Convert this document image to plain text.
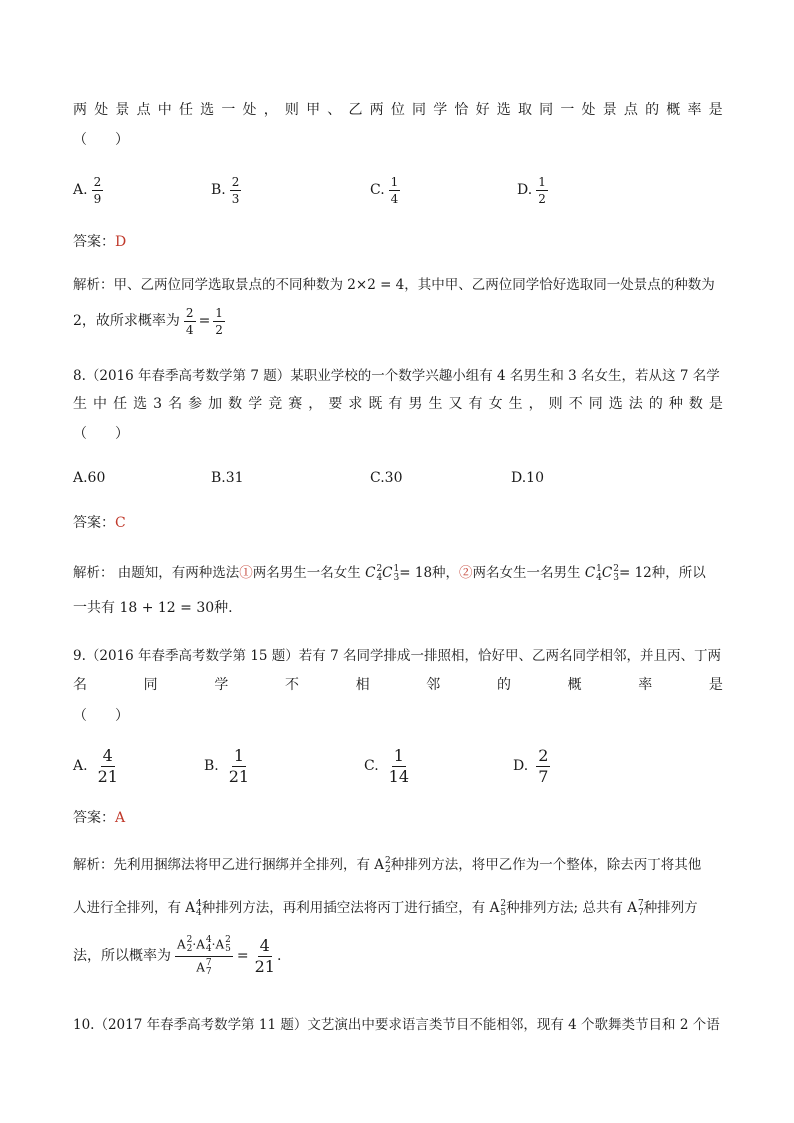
两 处 景 点 中 任 选 一 处 ， 则 甲 、 乙 两 位 同 学 恰 好 选 取 同 一 处 景 点 的 概 率 是
（　　）
A. $\frac{2}{9}$	B. $\frac{2}{3}$	C. $\frac{1}{4}$	D. $\frac{1}{2}$
答案：D
解析：甲、乙两位同学选取景点的不同种数为 2×2 = 4，其中甲、乙两位同学恰好选取同一处景点的种数为
2，故所求概率为 $\frac{2}{4} = \frac{1}{2}$
8.（2016 年春季高考数学第 7 题）某职业学校的一个数学兴趣小组有 4 名男生和 3 名女生，若从这 7 名学
生 中 任 选 3 名 参 加 数 学 竞 赛 ， 要 求 既 有 男 生 又 有 女 生 ， 则 不 同 选 法 的 种 数 是
（　　）
A.60	B.31	C.30	D.10
答案：C
解析： 由题知，有两种选法①两名男生一名女生 C 2
4 C 1
3 = 18种，②两名女生一名男生 C 1
4 C 2
3 = 12种，所以
一共有 18 + 12 = 30种.
9.（2016 年春季高考数学第 15 题）若有 7 名同学排成一排照相，恰好甲、乙两名同学相邻，并且丙、丁两
名	同	学	不	相	邻	的	概	率	是
（　　）
A. $\frac{4}{21}$	B. $\frac{1}{21}$	C. $\frac{1}{14}$	D. $\frac{2}{7}$
答案：A
解析：先利用捆绑法将甲乙进行捆绑并全排列，有 A 2
2 种排列方法，将甲乙作为一个整体，除去丙丁将其他
人进行全排列，有 A 4
4 种排列方法，再利用插空法将丙丁进行插空，有 A 2
5 种排列方法; 总共有 A 7
7 种排列方
法，所以概率为 A 2
2 ·A 4
4 ·A 2
5
A 7
$7 = \frac{4}{21}$ .
10.（2017 年春季高考数学第 11 题）文艺演出中要求语言类节目不能相邻，现有 4 个歌舞类节目和 2 个语
